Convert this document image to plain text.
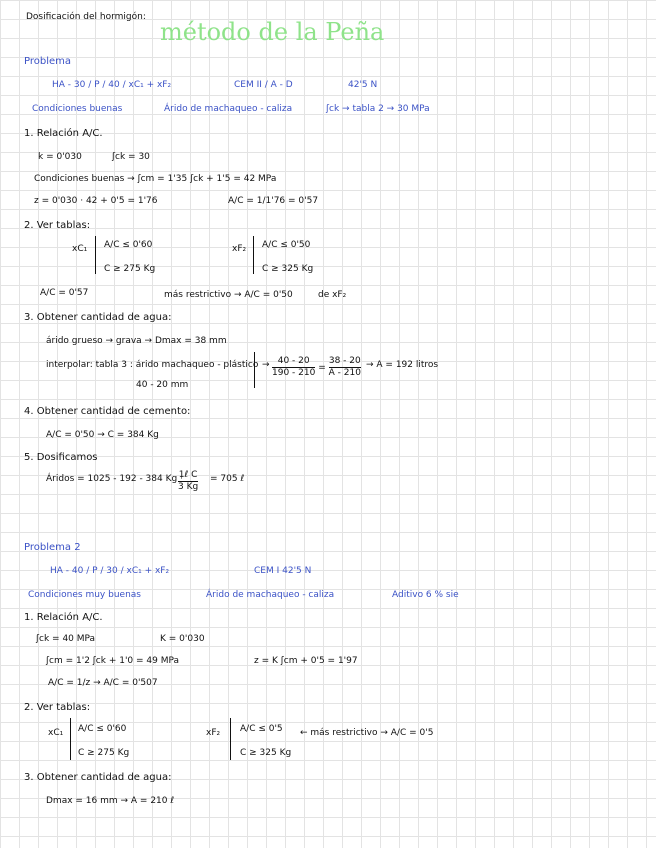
Dosificación del hormigón:
método de la Peña
Problema
HA - 30 / P / 40 / xC₁ + xF₂	CEM II / A - D	42'5 N
Condiciones buenas	Árido de machaqueo - caliza	ʃck → tabla 2 → 30 MPa
1. Relación A/C.
k = 0'030	ʃck = 30
Condiciones buenas → ʃcm = 1'35 ʃck + 1'5 = 42 MPa
z = 0'030 · 42 + 0'5 = 1'76	A/C = 1/1'76 = 0'57
2. Ver tablas:
xC₁ A/C ≤ 0'60
C ≥ 275 Kg
xF₂ A/C ≤ 0'50
C ≥ 325 Kg
A/C = 0'57	más restrictivo → A/C = 0'50	de xF₂
3. Obtener cantidad de agua:
árido grueso → grava → Dmax = 38 mm
interpolar: tabla 3 : árido machaqueo - plástico
40 - 20 mm
→ $\frac{40 - 20}{190 - 210} = \frac{38 - 20}{A - 210} \to A = 192$ litros
4. Obtener cantidad de cemento:
A/C = 0'50 → C = 384 Kg
5. Dosificamos
Áridos = 1025 - 192 - 384 Kg ·
$\frac{\text{1ℓ C}}{3 Kg} = 705$ ℓ
Problema 2
HA - 40 / P / 30 / xC₁ + xF₂	CEM I 42'5 N
Condiciones muy buenas	Árido de machaqueo - caliza	Aditivo 6 % sie
1. Relación A/C.
ʃck = 40 MPa	K = 0'030
ʃcm = 1'2 ʃck + 1'0 = 49 MPa	z = K ʃcm + 0'5 = 1'97
A/C = 1/z → A/C = 0'507
2. Ver tablas:
xC₁ A/C ≤ 0'60
C ≥ 275 Kg
xF₂ A/C ≤ 0'5
C ≥ 325 Kg
← más restrictivo → A/C = 0'5
3. Obtener cantidad de agua:
Dmax = 16 mm → A = 210 ℓ
